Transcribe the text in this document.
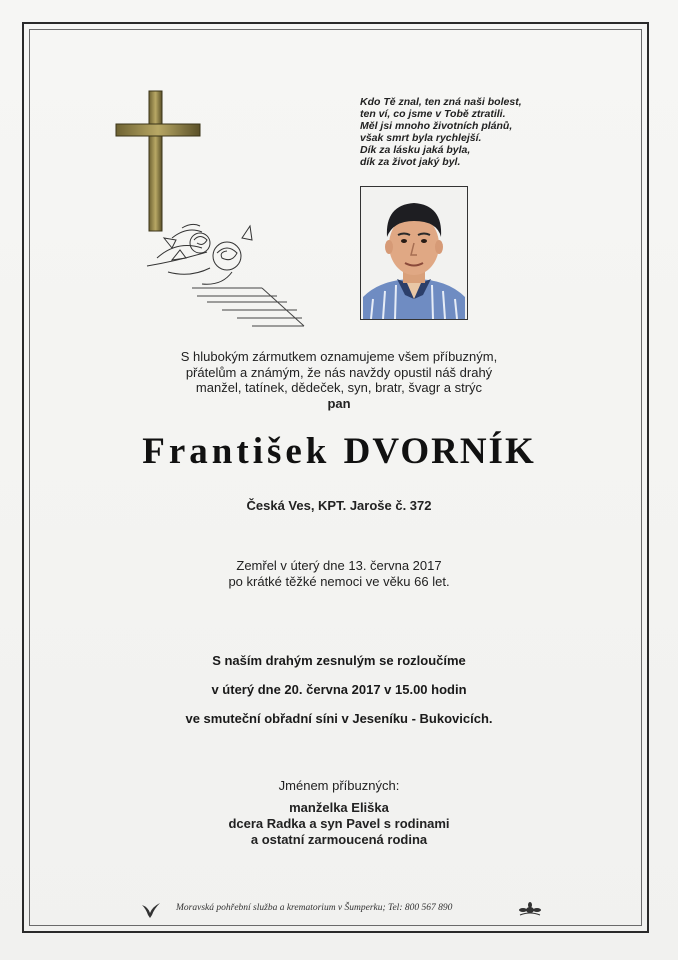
Kdo Tě znal, ten zná naši bolest,
ten ví, co jsme v Tobě ztratili.
Měl jsi mnoho životních plánů,
však smrt byla rychlejší.
Dík za lásku jaká byla,
dík za život jaký byl.
S hlubokým zármutkem oznamujeme všem příbuzným,
přátelům a známým, že nás navždy opustil náš drahý
manžel, tatínek, dědeček, syn, bratr, švagr a strýc
pan
František DVORNÍK
Česká Ves, KPT. Jaroše č. 372
Zemřel v úterý dne 13. června 2017
po krátké těžké nemoci ve věku 66 let.
S naším drahým zesnulým se rozloučíme
v úterý dne 20. června 2017 v 15.00 hodin
ve smuteční obřadní síni v Jeseníku - Bukovicích.
Jménem příbuzných:
manželka Eliška
dcera Radka a syn Pavel s rodinami
a ostatní zarmoucená rodina
Moravská pohřební služba a krematorium v Šumperku; Tel: 800 567 890
